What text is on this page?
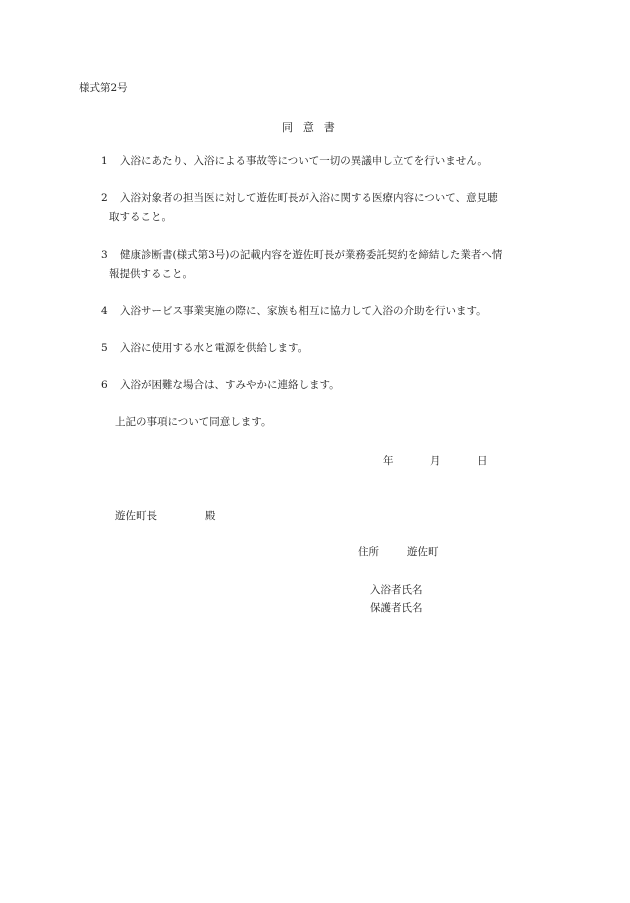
様式第2号
同意書
1 入浴にあたり、入浴による事故等について一切の異議申し立てを行いません。
2 入浴対象者の担当医に対して遊佐町長が入浴に関する医療内容について、意見聴
取すること。
3 健康診断書(様式第3号)の記載内容を遊佐町長が業務委託契約を締結した業者へ情
報提供すること。
4 入浴サービス事業実施の際に、家族も相互に協力して入浴の介助を行います。
5 入浴に使用する水と電源を供給します。
6 入浴が困難な場合は、すみやかに連絡します。
上記の事項について同意します。
年	月	日
遊佐町長	殿
住所	遊佐町
入浴者氏名
保護者氏名
